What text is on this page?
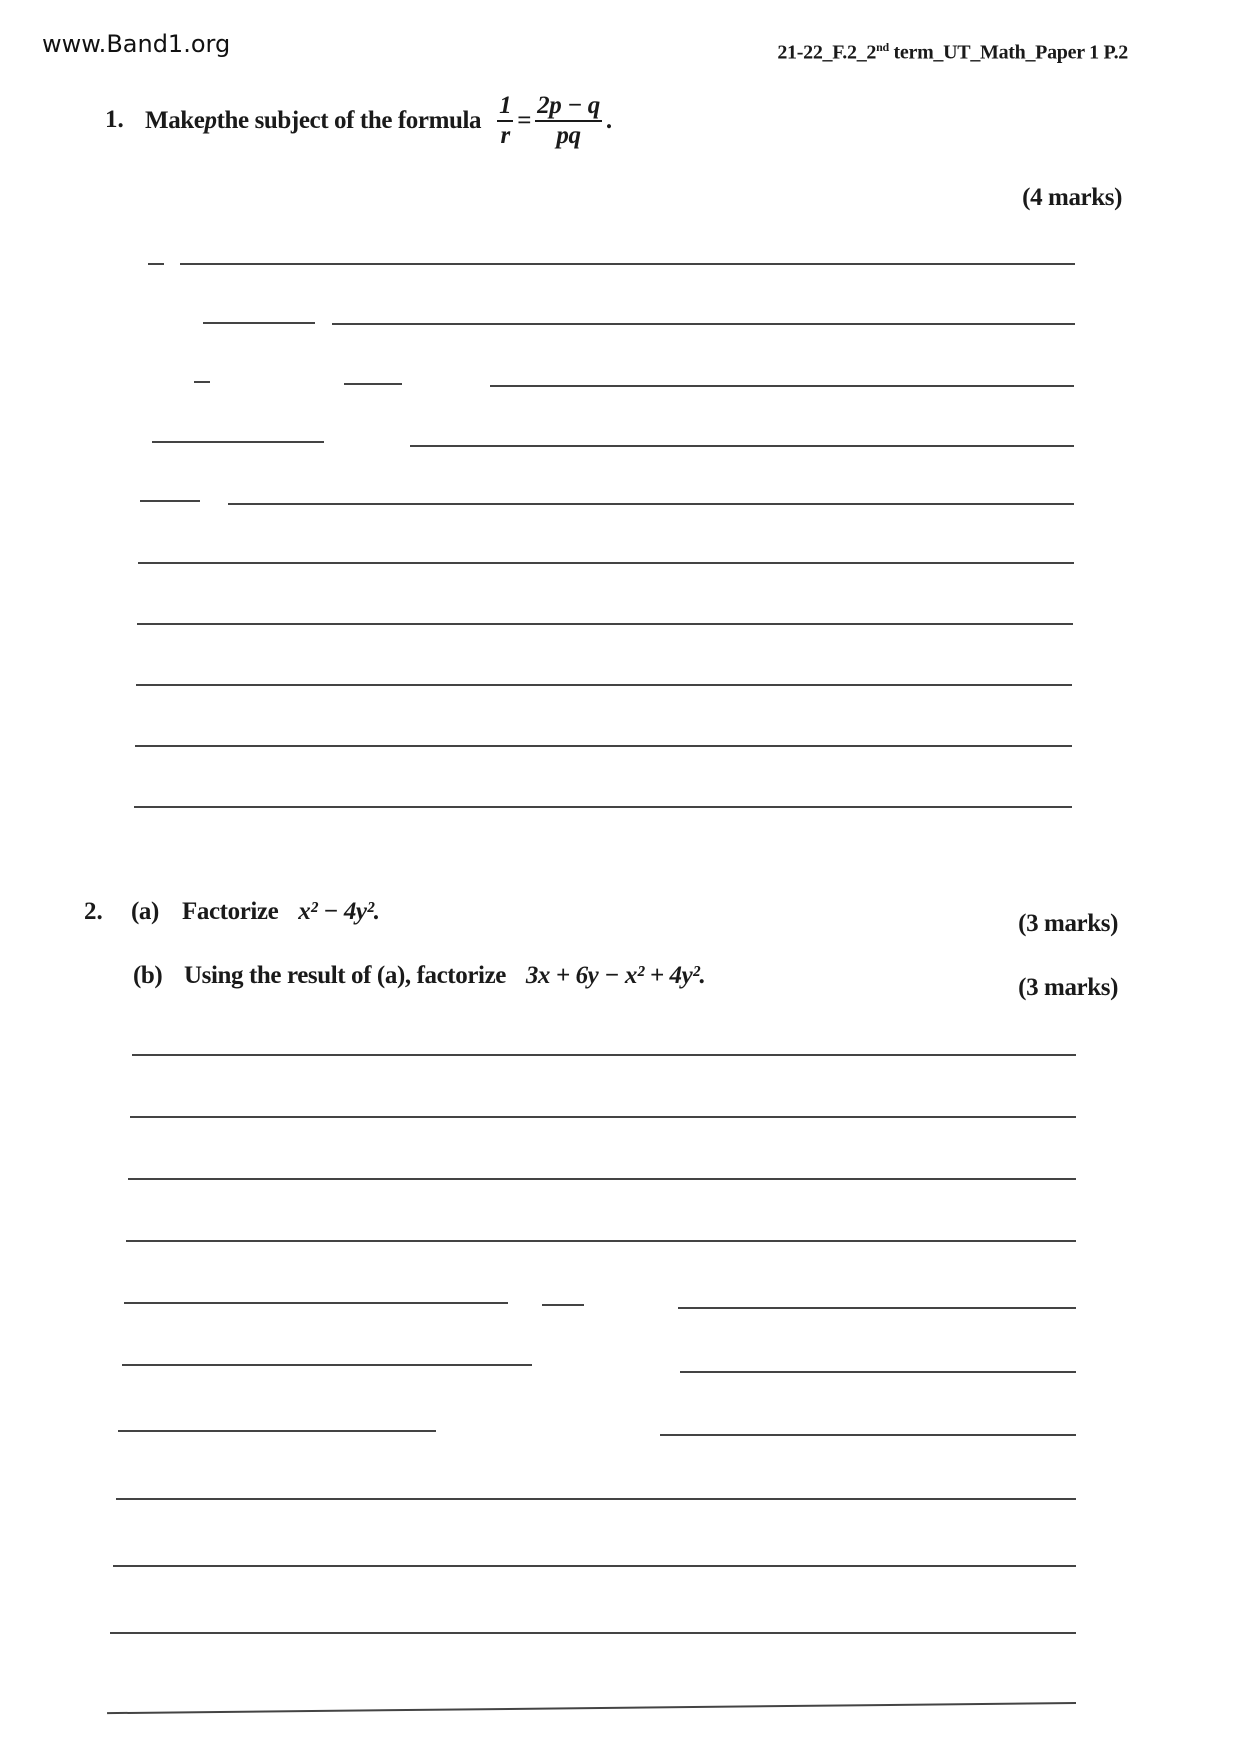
www.Band1.org	21-22_F.2_2nd term_UT_Math_Paper 1 P.2
1. Make p the subject of the formula $\frac{1}{r} = \frac{2p - q}{pq}$ .
(4 marks)
2. (a) Factorize x² − 4y².	(3 marks)
(b) Using the result of (a), factorize 3x + 6y − x² + 4y².	(3 marks)
